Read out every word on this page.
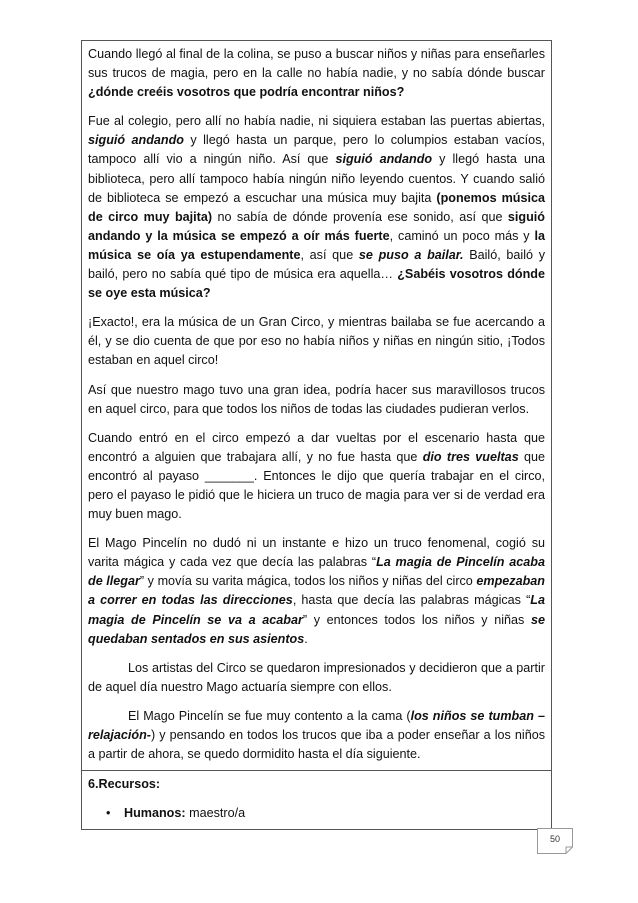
Cuando llegó al final de la colina, se puso a buscar niños y niñas para enseñarles sus trucos de magia, pero en la calle no había nadie, y no sabía dónde buscar ¿dónde creéis vosotros que podría encontrar niños?

Fue al colegio, pero allí no había nadie, ni siquiera estaban las puertas abiertas, siguió andando y llegó hasta un parque, pero lo columpios estaban vacíos, tampoco allí vio a ningún niño. Así que siguió andando y llegó hasta una biblioteca, pero allí tampoco había ningún niño leyendo cuentos. Y cuando salió de biblioteca se empezó a escuchar una música muy bajita (ponemos música de circo muy bajita) no sabía de dónde provenía ese sonido, así que siguió andando y la música se empezó a oír más fuerte, caminó un poco más y la música se oía ya estupendamente, así que se puso a bailar. Bailó, bailó y bailó, pero no sabía qué tipo de música era aquella… ¿Sabéis vosotros dónde se oye esta música?

¡Exacto!, era la música de un Gran Circo, y mientras bailaba se fue acercando a él, y se dio cuenta de que por eso no había niños y niñas en ningún sitio, ¡Todos estaban en aquel circo!

Así que nuestro mago tuvo una gran idea, podría hacer sus maravillosos trucos en aquel circo, para que todos los niños de todas las ciudades pudieran verlos.

Cuando entró en el circo empezó a dar vueltas por el escenario hasta que encontró a alguien que trabajara allí, y no fue hasta que dio tres vueltas que encontró al payaso _______. Entonces le dijo que quería trabajar en el circo, pero el payaso le pidió que le hiciera un truco de magia para ver si de verdad era muy buen mago.

El Mago Pincelín no dudó ni un instante e hizo un truco fenomenal, cogió su varita mágica y cada vez que decía las palabras “La magia de Pincelín acaba de llegar” y movía su varita mágica, todos los niños y niñas del circo empezaban a correr en todas las direcciones, hasta que decía las palabras mágicas “La magia de Pincelín se va a acabar” y entonces todos los niños y niñas se quedaban sentados en sus asientos.

Los artistas del Circo se quedaron impresionados y decidieron que a partir de aquel día nuestro Mago actuaría siempre con ellos.

El Mago Pincelín se fue muy contento a la cama (los niños se tumban –relajación-) y pensando en todos los trucos que iba a poder enseñar a los niños a partir de ahora, se quedo dormidito hasta el día siguiente.

6.Recursos:

• Humanos: maestro/a
50
